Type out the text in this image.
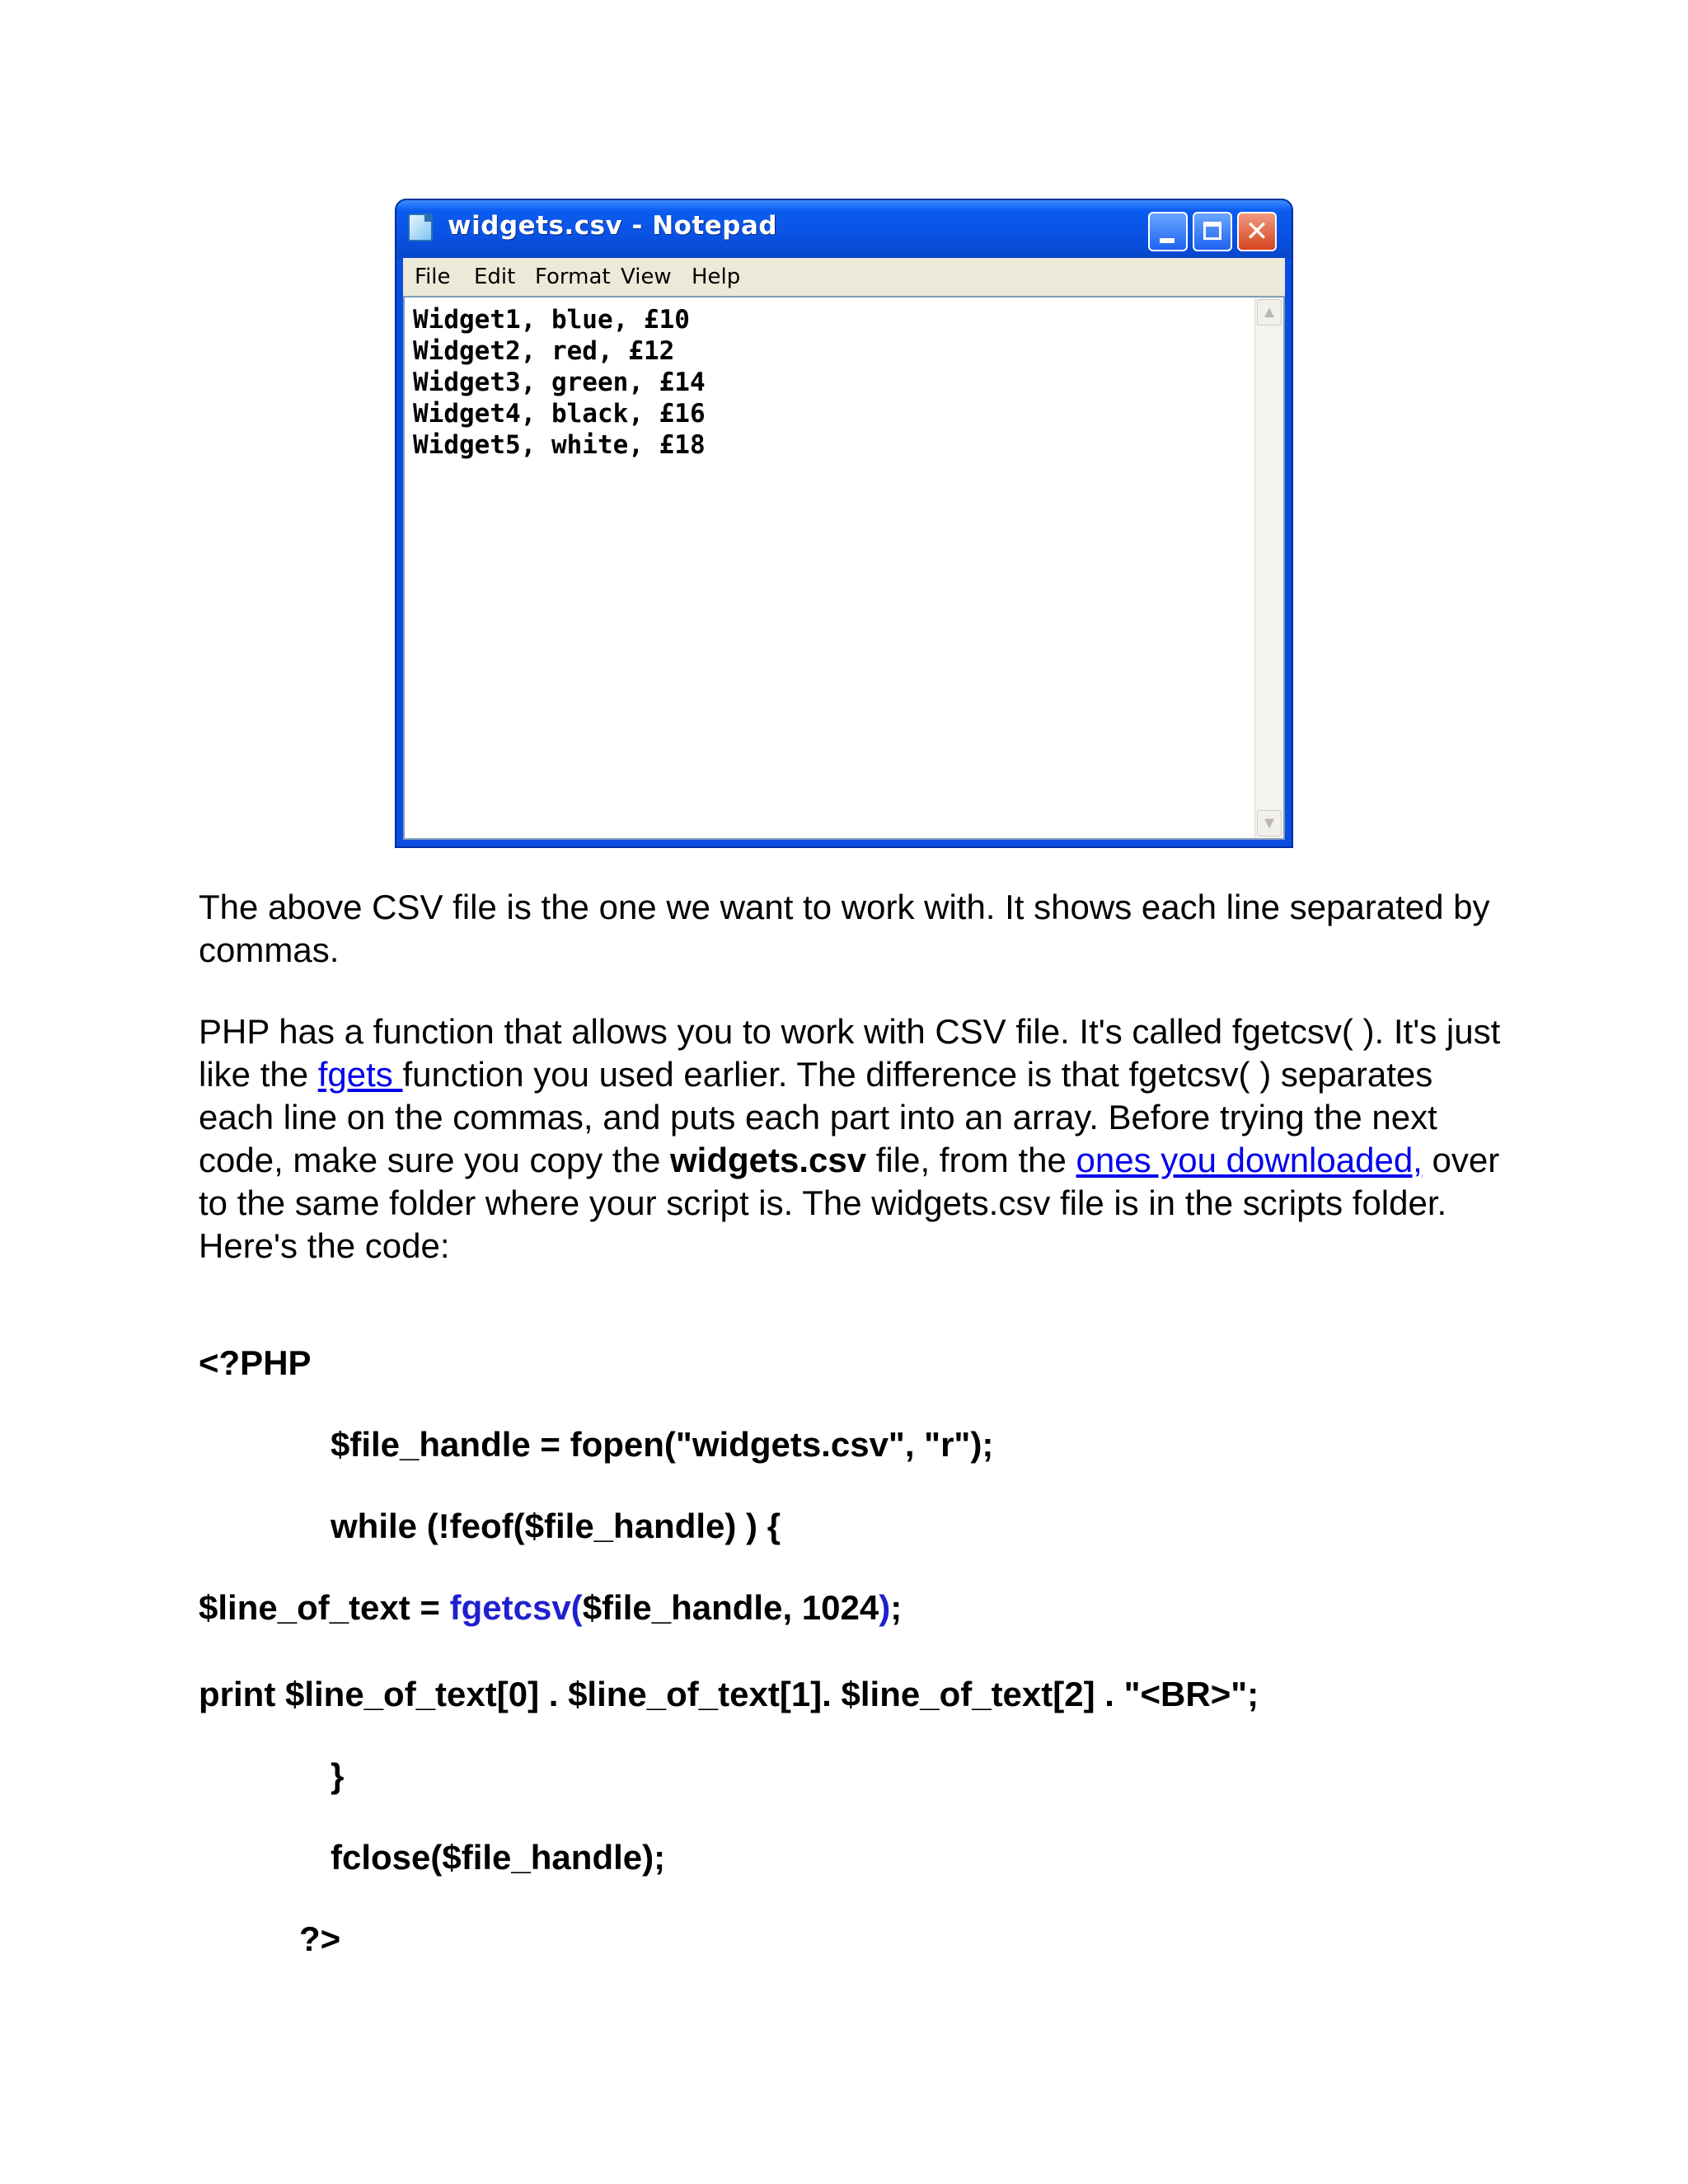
widgets.csv - Notepad	✕
File Edit Format View Help
Widget1, blue, £10
Widget2, red, £12
Widget3, green, £14
Widget4, black, £16
Widget5, white, £18
▲
▼
The above CSV file is the one we want to work with. It shows each line separated by commas.
PHP has a function that allows you to work with CSV file. It's called fgetcsv( ). It's just like the fgets function you used earlier. The difference is that fgetcsv( ) separates each line on the commas, and puts each part into an array. Before trying the next code, make sure you copy the widgets.csv file, from the ones you downloaded, over to the same folder where your script is. The widgets.csv file is in the scripts folder. Here's the code:
<?PHP
$file_handle = fopen("widgets.csv", "r");
while (!feof($file_handle) ) {
$line_of_text = fgetcsv($file_handle, 1024);
print $line_of_text[0] . $line_of_text[1]. $line_of_text[2] . "<BR>";
}
fclose($file_handle);
?>
